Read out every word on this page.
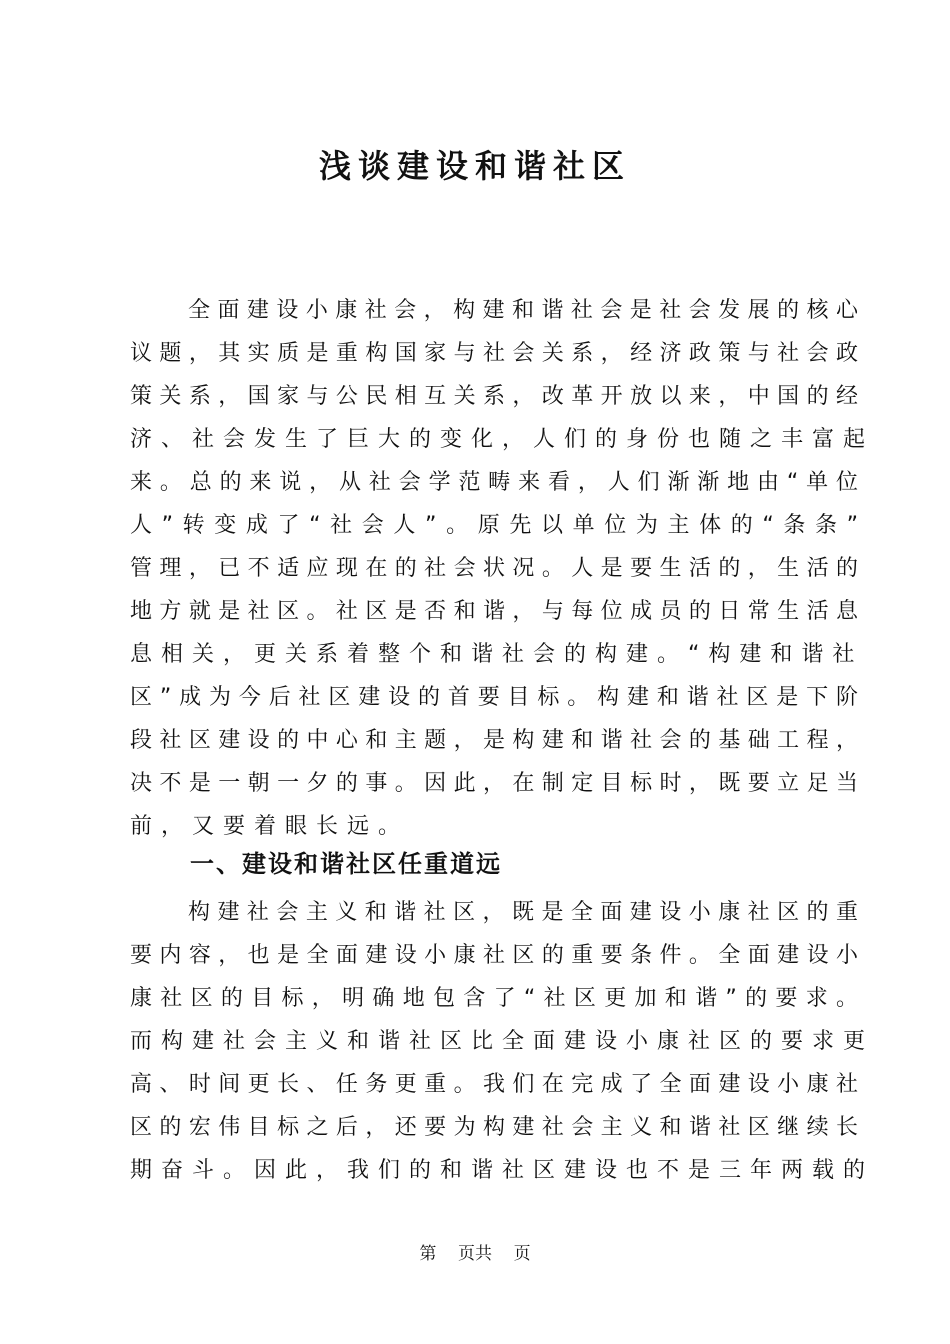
浅谈建设和谐社区
全面建设小康社会，构建和谐社会是社会发展的核心
议题，其实质是重构国家与社会关系，经济政策与社会政
策关系，国家与公民相互关系，改革开放以来，中国的经
济、社会发生了巨大的变化，人们的身份也随之丰富起
来。总的来说，从社会学范畴来看，人们渐渐地由“单位
人”转变成了“社会人”。原先以单位为主体的“条条”
管理，已不适应现在的社会状况。人是要生活的，生活的
地方就是社区。社区是否和谐，与每位成员的日常生活息
息相关，更关系着整个和谐社会的构建。“构建和谐社
区”成为今后社区建设的首要目标。构建和谐社区是下阶
段社区建设的中心和主题，是构建和谐社会的基础工程，
决不是一朝一夕的事。因此，在制定目标时，既要立足当
前，又要着眼长远。
一、建设和谐社区任重道远
构建社会主义和谐社区，既是全面建设小康社区的重
要内容，也是全面建设小康社区的重要条件。全面建设小
康社区的目标，明确地包含了“社区更加和谐”的要求。
而构建社会主义和谐社区比全面建设小康社区的要求更
高、时间更长、任务更重。我们在完成了全面建设小康社
区的宏伟目标之后，还要为构建社会主义和谐社区继续长
期奋斗。因此，我们的和谐社区建设也不是三年两载的
第    页共    页
